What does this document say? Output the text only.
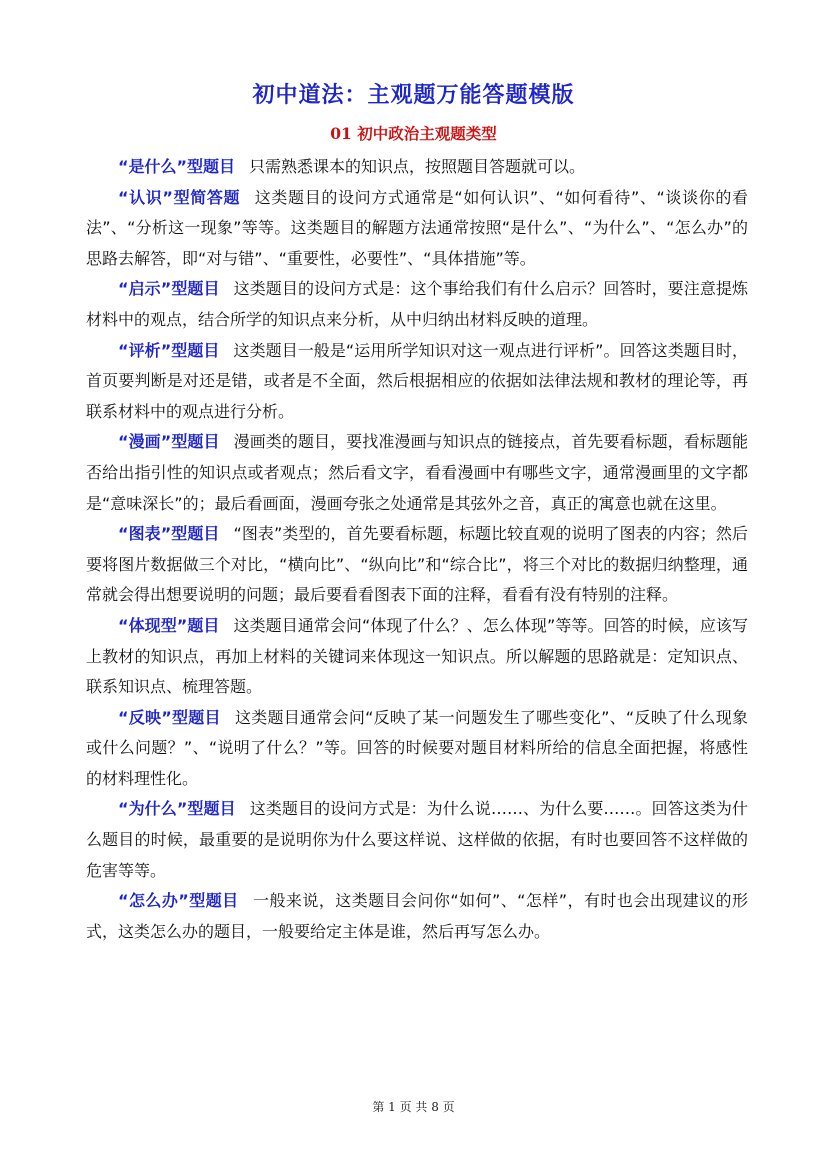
初中道法：主观题万能答题模版
01 初中政治主观题类型

“是什么”型题目 只需熟悉课本的知识点，按照题目答题就可以。

“认识”型简答题 这类题目的设问方式通常是“如何认识”、“如何看待”、“谈谈你的看法”、“分析这一现象”等等。这类题目的解题方法通常按照“是什么”、“为什么”、“怎么办”的思路去解答，即“对与错”、“重要性，必要性”、“具体措施”等。

“启示”型题目 这类题目的设问方式是：这个事给我们有什么启示？回答时，要注意提炼材料中的观点，结合所学的知识点来分析，从中归纳出材料反映的道理。

“评析”型题目 这类题目一般是“运用所学知识对这一观点进行评析”。回答这类题目时，首页要判断是对还是错，或者是不全面，然后根据相应的依据如法律法规和教材的理论等，再联系材料中的观点进行分析。

“漫画”型题目 漫画类的题目，要找准漫画与知识点的链接点，首先要看标题，看标题能否给出指引性的知识点或者观点；然后看文字，看看漫画中有哪些文字，通常漫画里的文字都是“意味深长”的；最后看画面，漫画夸张之处通常是其弦外之音，真正的寓意也就在这里。

“图表”型题目 “图表”类型的，首先要看标题，标题比较直观的说明了图表的内容；然后要将图片数据做三个对比，“横向比”、“纵向比”和“综合比”，将三个对比的数据归纳整理，通常就会得出想要说明的问题；最后要看看图表下面的注释，看看有没有特别的注释。

“体现型”题目 这类题目通常会问“体现了什么？、怎么体现”等等。回答的时候，应该写上教材的知识点，再加上材料的关键词来体现这一知识点。所以解题的思路就是：定知识点、联系知识点、梳理答题。

“反映”型题目 这类题目通常会问“反映了某一问题发生了哪些变化”、“反映了什么现象或什么问题？”、“说明了什么？”等。回答的时候要对题目材料所给的信息全面把握，将感性的材料理性化。

“为什么”型题目 这类题目的设问方式是：为什么说……、为什么要……。回答这类为什么题目的时候，最重要的是说明你为什么要这样说、这样做的依据，有时也要回答不这样做的危害等等。

“怎么办”型题目 一般来说，这类题目会问你“如何”、“怎样”，有时也会出现建议的形式，这类怎么办的题目，一般要给定主体是谁，然后再写怎么办。

第 1 页 共 8 页
